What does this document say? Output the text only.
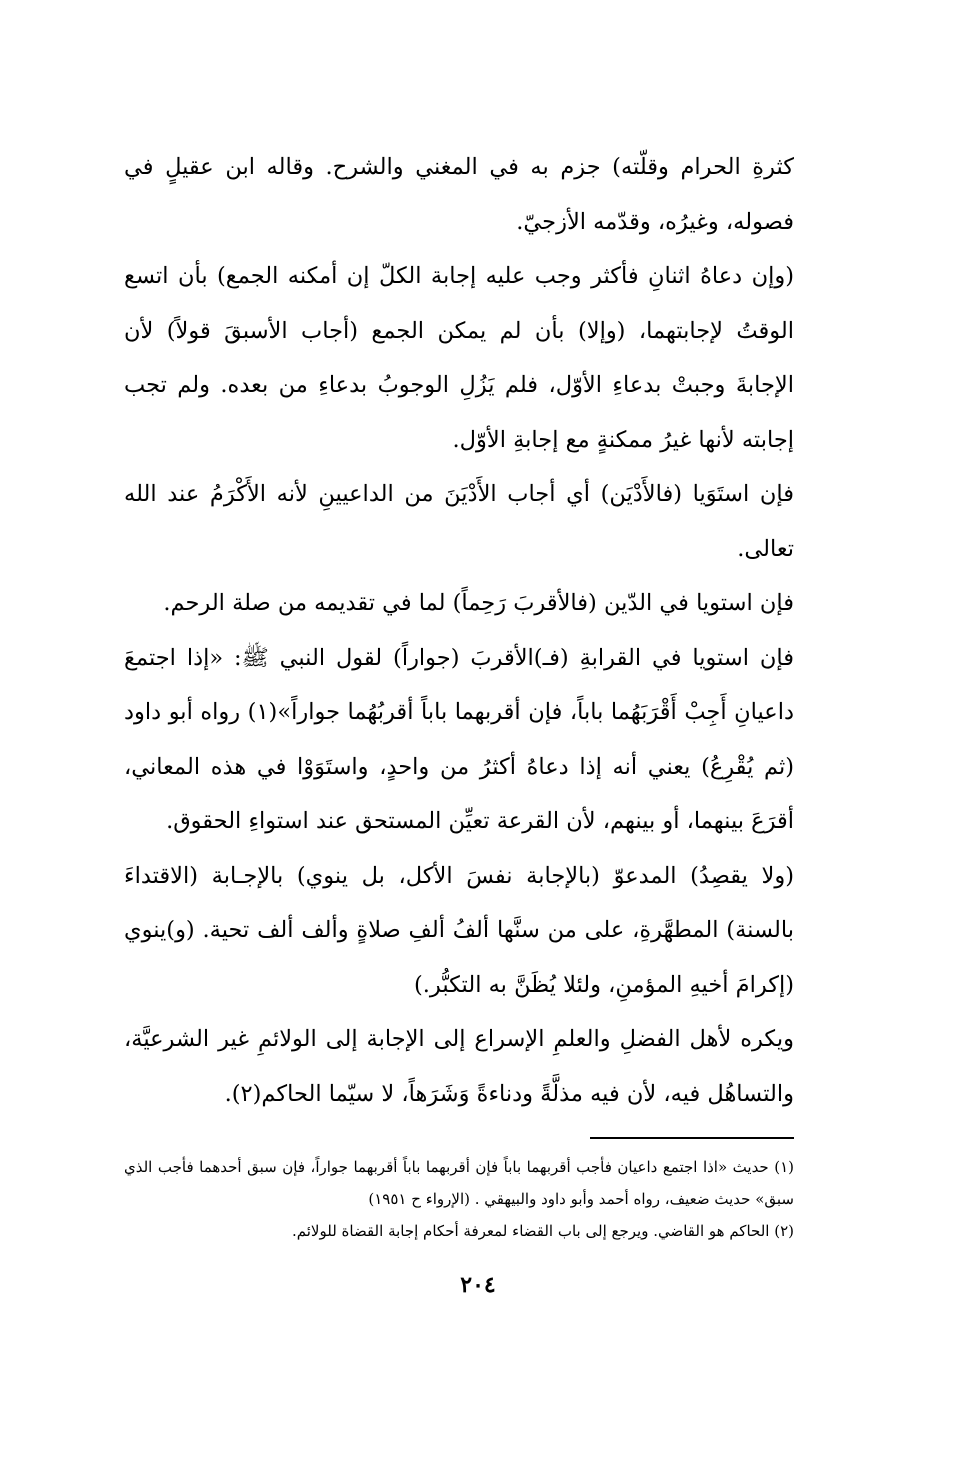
كثرةِ الحرام وقلّته) جزم به في المغني والشرح. وقاله ابن عقيلٍ في فصوله، وغيرُه، وقدّمه الأزجيّ.

(وإن دعاهُ اثنانِ فأكثر وجب عليه إجابة الكلّ إن أمكنه الجمع) بأن اتسع الوقتُ لإجابتهما، (وإلا) بأن لم يمكن الجمع (أجاب الأسبقَ قولاً) لأن الإجابةَ وجبتْ بدعاءِ الأوّل، فلم يَزُلِ الوجوبُ بدعاءِ من بعده. ولم تجب إجابته لأنها غيرُ ممكنةٍ مع إجابةِ الأوّل.

فإن استَوَيا (فالأَدْيَن) أي أجاب الأَدْيَنَ من الداعيينِ لأنه الأَكْرَمُ عند الله تعالى.

فإن استويا في الدّين (فالأقربَ رَحِماً) لما في تقديمه من صلة الرحم.

فإن استويا في القرابةِ (فـ)الأقربَ (جواراً) لقول النبي ﷺ: «إذا اجتمعَ داعيانِ أَجِبْ أَقْرَبَهُما باباً، فإن أقربهما باباً أقربُهُما جواراً»(١) رواه أبو داود (ثم يُقْرِعُ) يعني أنه إذا دعاهُ أكثرُ من واحدٍ، واستَوَوْا في هذه المعاني، أقرَعَ بينهما، أو بينهم، لأن القرعة تعيِّن المستحق عند استواءِ الحقوق.

(ولا يقصِدُ) المدعوّ (بالإجابة نفسَ الأكل، بل ينوي) بالإجـابة (الاقتداءَ بالسنة) المطهَّرةِ، على من سنَّها ألفُ ألفِ صلاةٍ وألف ألف تحية. (و)ينوي (إكرامَ أخيهِ المؤمنِ، ولئلا يُظَنَّ به التكبُّر.)

ويكره لأهل الفضلِ والعلمِ الإسراع إلى الإجابة إلى الولائمِ غير الشرعيَّة، والتساهُل فيه، لأن فيه مذلَّةً ودناءةً وَشَرَهاً، لا سيّما الحاكم(٢).

(١) حديث «اذا اجتمع داعيان فأجب أقربهما باباً فإن أقربهما باباً أقربهما جواراً، فإن سبق أحدهما فأجب الذي سبق» حديث ضعيف، رواه أحمد وأبو داود والبيهقي . (الإرواء ح ١٩٥١)

(٢) الحاكم هو القاضي. ويرجع إلى باب القضاء لمعرفة أحكام إجابة القضاة للولائم.

٢٠٤
